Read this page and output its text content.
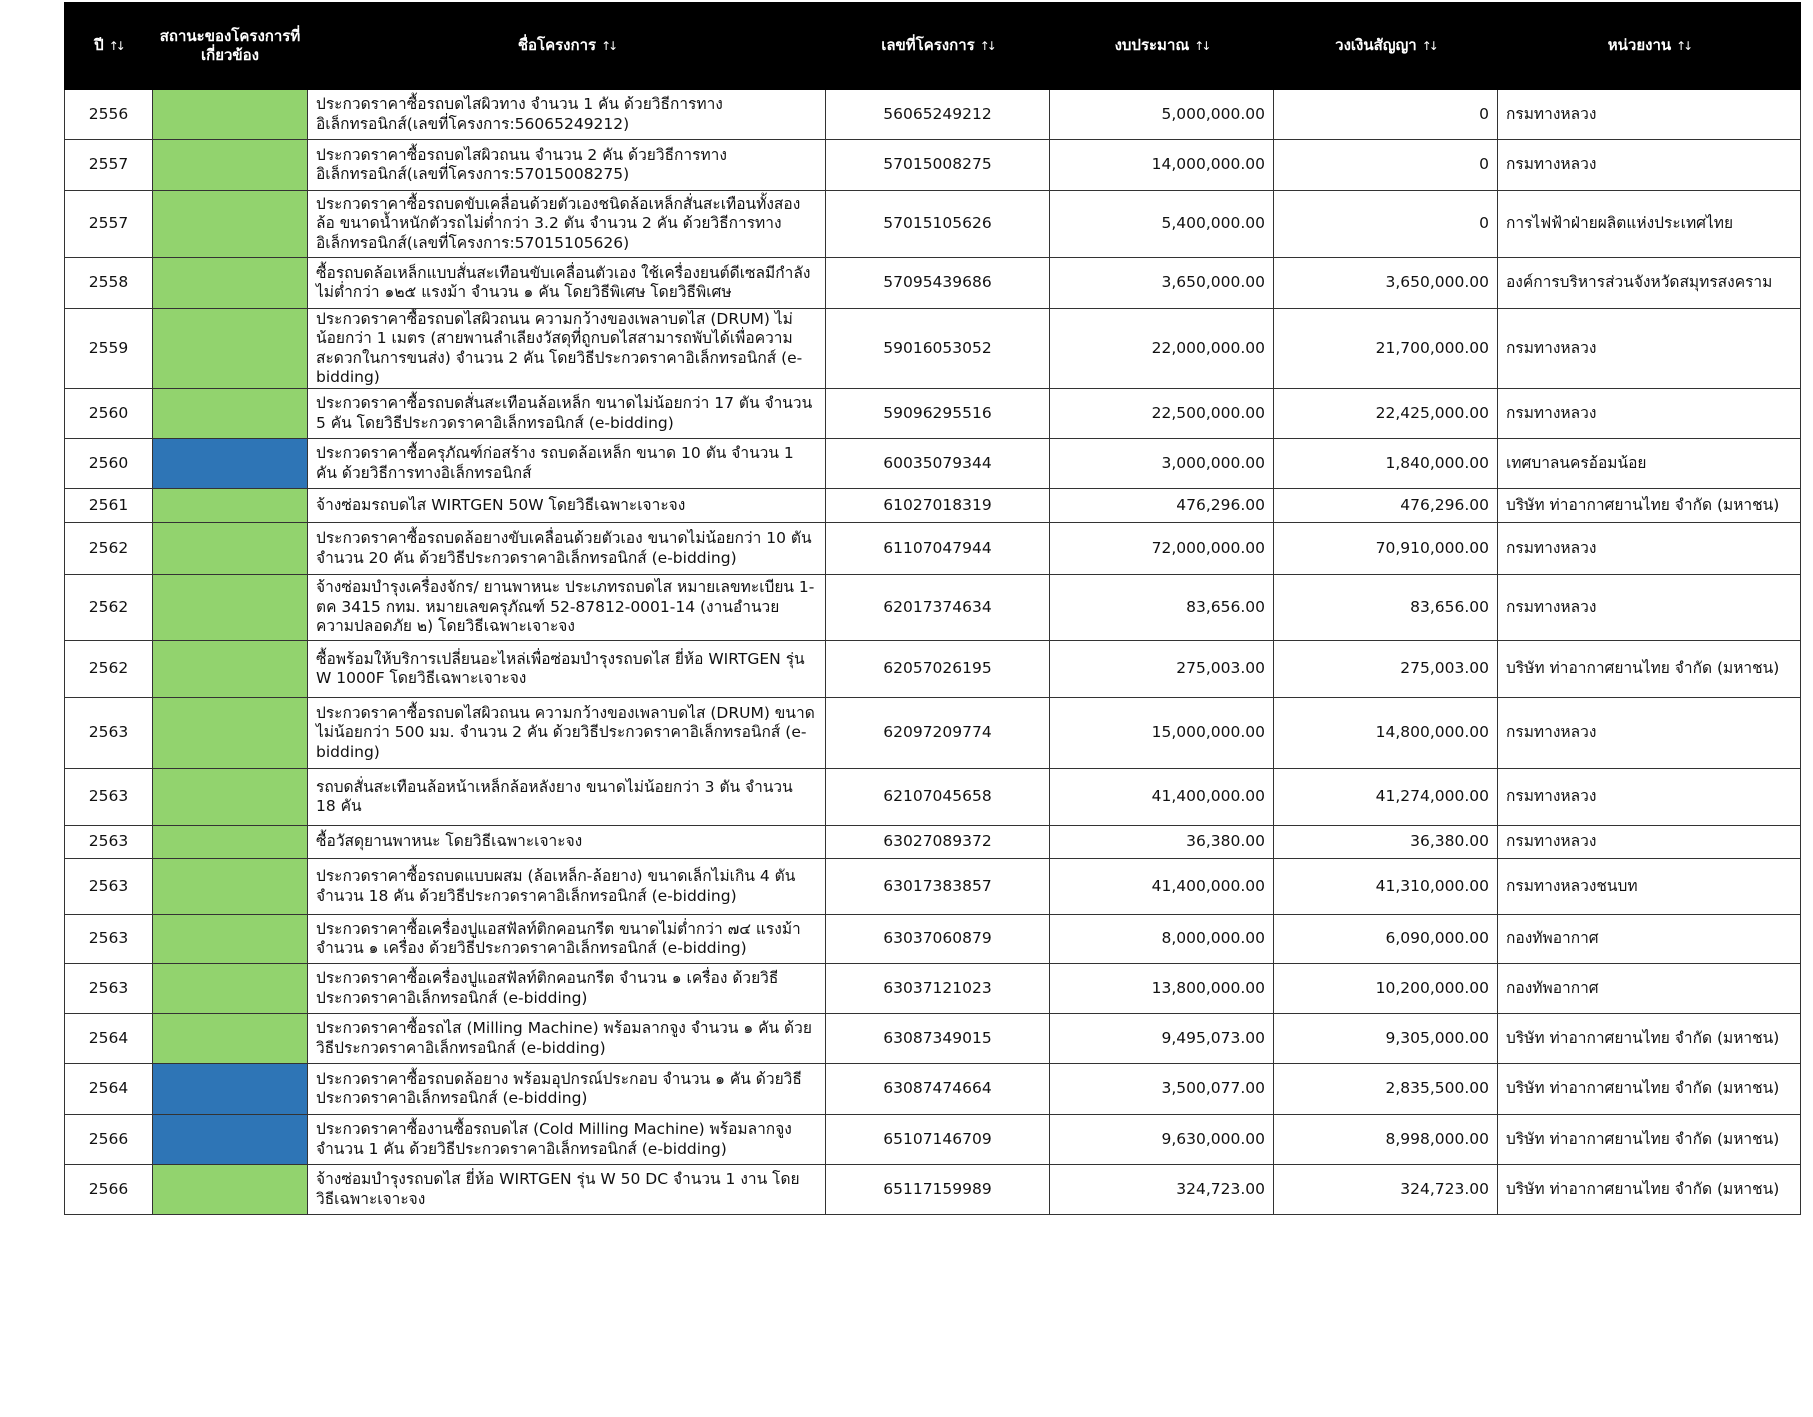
ปี ↑↓	สถานะของโครงการที่เกี่ยวข้อง	ชื่อโครงการ ↑↓	เลขที่โครงการ ↑↓	งบประมาณ ↑↓	วงเงินสัญญา ↑↓	หน่วยงาน ↑↓
2556		ประกวดราคาซื้อรถบดไสผิวทาง จำนวน 1 คัน ด้วยวิธีการทางอิเล็กทรอนิกส์(เลขที่โครงการ:56065249212)	56065249212	5,000,000.00	0	กรมทางหลวง
2557		ประกวดราคาซื้อรถบดไสผิวถนน จำนวน 2 คัน ด้วยวิธีการทางอิเล็กทรอนิกส์(เลขที่โครงการ:57015008275)	57015008275	14,000,000.00	0	กรมทางหลวง
2557		ประกวดราคาซื้อรถบดขับเคลื่อนด้วยตัวเองชนิดล้อเหล็กสั่นสะเทือนทั้งสองล้อ ขนาดน้ำหนักตัวรถไม่ต่ำกว่า 3.2 ตัน จำนวน 2 คัน ด้วยวิธีการทางอิเล็กทรอนิกส์(เลขที่โครงการ:57015105626)	57015105626	5,400,000.00	0	การไฟฟ้าฝ่ายผลิตแห่งประเทศไทย
2558		ซื้อรถบดล้อเหล็กแบบสั่นสะเทือนขับเคลื่อนตัวเอง ใช้เครื่องยนต์ดีเซลมีกำลังไม่ต่ำกว่า ๑๒๕ แรงม้า จำนวน ๑ คัน โดยวิธีพิเศษ โดยวิธีพิเศษ	57095439686	3,650,000.00	3,650,000.00	องค์การบริหารส่วนจังหวัดสมุทรสงคราม
2559		ประกวดราคาซื้อรถบดไสผิวถนน ความกว้างของเพลาบดไส (DRUM) ไม่น้อยกว่า 1 เมตร (สายพานลำเลียงวัสดุที่ถูกบดไสสามารถพับได้เพื่อความสะดวกในการขนส่ง) จำนวน 2 คัน โดยวิธีประกวดราคาอิเล็กทรอนิกส์ (e-bidding)	59016053052	22,000,000.00	21,700,000.00	กรมทางหลวง
2560		ประกวดราคาซื้อรถบดสั่นสะเทือนล้อเหล็ก ขนาดไม่น้อยกว่า 17 ตัน จำนวน 5 คัน โดยวิธีประกวดราคาอิเล็กทรอนิกส์ (e-bidding)	59096295516	22,500,000.00	22,425,000.00	กรมทางหลวง
2560		ประกวดราคาซื้อครุภัณฑ์ก่อสร้าง รถบดล้อเหล็ก ขนาด 10 ตัน จำนวน 1 คัน ด้วยวิธีการทางอิเล็กทรอนิกส์	60035079344	3,000,000.00	1,840,000.00	เทศบาลนครอ้อมน้อย
2561		จ้างซ่อมรถบดไส WIRTGEN 50W โดยวิธีเฉพาะเจาะจง	61027018319	476,296.00	476,296.00	บริษัท ท่าอากาศยานไทย จำกัด (มหาชน)
2562		ประกวดราคาซื้อรถบดล้อยางขับเคลื่อนด้วยตัวเอง ขนาดไม่น้อยกว่า 10 ตัน จำนวน 20 คัน ด้วยวิธีประกวดราคาอิเล็กทรอนิกส์ (e-bidding)	61107047944	72,000,000.00	70,910,000.00	กรมทางหลวง
2562		จ้างซ่อมบำรุงเครื่องจักร/ ยานพาหนะ ประเภทรถบดไส หมายเลขทะเบียน 1-ตค 3415 กทม. หมายเลขครุภัณฑ์ 52-87812-0001-14 (งานอำนวยความปลอดภัย ๒) โดยวิธีเฉพาะเจาะจง	62017374634	83,656.00	83,656.00	กรมทางหลวง
2562		ซื้อพร้อมให้บริการเปลี่ยนอะไหล่เพื่อซ่อมบำรุงรถบดไส ยี่ห้อ WIRTGEN รุ่น W 1000F โดยวิธีเฉพาะเจาะจง	62057026195	275,003.00	275,003.00	บริษัท ท่าอากาศยานไทย จำกัด (มหาชน)
2563		ประกวดราคาซื้อรถบดไสผิวถนน ความกว้างของเพลาบดไส (DRUM) ขนาดไม่น้อยกว่า 500 มม. จำนวน 2 คัน ด้วยวิธีประกวดราคาอิเล็กทรอนิกส์ (e-bidding)	62097209774	15,000,000.00	14,800,000.00	กรมทางหลวง
2563		รถบดสั่นสะเทือนล้อหน้าเหล็กล้อหลังยาง ขนาดไม่น้อยกว่า 3 ตัน จำนวน 18 คัน	62107045658	41,400,000.00	41,274,000.00	กรมทางหลวง
2563		ซื้อวัสดุยานพาหนะ โดยวิธีเฉพาะเจาะจง	63027089372	36,380.00	36,380.00	กรมทางหลวง
2563		ประกวดราคาซื้อรถบดแบบผสม (ล้อเหล็ก-ล้อยาง) ขนาดเล็กไม่เกิน 4 ตัน จำนวน 18 คัน ด้วยวิธีประกวดราคาอิเล็กทรอนิกส์ (e-bidding)	63017383857	41,400,000.00	41,310,000.00	กรมทางหลวงชนบท
2563		ประกวดราคาซื้อเครื่องปูแอสฟัลท์ติกคอนกรีต ขนาดไม่ต่ำกว่า ๗๔ แรงม้า จำนวน ๑ เครื่อง ด้วยวิธีประกวดราคาอิเล็กทรอนิกส์ (e-bidding)	63037060879	8,000,000.00	6,090,000.00	กองทัพอากาศ
2563		ประกวดราคาซื้อเครื่องปูแอสฟัลท์ติกคอนกรีต จำนวน ๑ เครื่อง ด้วยวิธีประกวดราคาอิเล็กทรอนิกส์ (e-bidding)	63037121023	13,800,000.00	10,200,000.00	กองทัพอากาศ
2564		ประกวดราคาซื้อรถไส (Milling Machine) พร้อมลากจูง จำนวน ๑ คัน ด้วยวิธีประกวดราคาอิเล็กทรอนิกส์ (e-bidding)	63087349015	9,495,073.00	9,305,000.00	บริษัท ท่าอากาศยานไทย จำกัด (มหาชน)
2564		ประกวดราคาซื้อรถบดล้อยาง พร้อมอุปกรณ์ประกอบ จำนวน ๑ คัน ด้วยวิธีประกวดราคาอิเล็กทรอนิกส์ (e-bidding)	63087474664	3,500,077.00	2,835,500.00	บริษัท ท่าอากาศยานไทย จำกัด (มหาชน)
2566		ประกวดราคาซื้องานซื้อรถบดไส (Cold Milling Machine) พร้อมลากจูง จำนวน 1 คัน ด้วยวิธีประกวดราคาอิเล็กทรอนิกส์ (e-bidding)	65107146709	9,630,000.00	8,998,000.00	บริษัท ท่าอากาศยานไทย จำกัด (มหาชน)
2566		จ้างซ่อมบำรุงรถบดไส ยี่ห้อ WIRTGEN รุ่น W 50 DC จำนวน 1 งาน โดยวิธีเฉพาะเจาะจง	65117159989	324,723.00	324,723.00	บริษัท ท่าอากาศยานไทย จำกัด (มหาชน)
